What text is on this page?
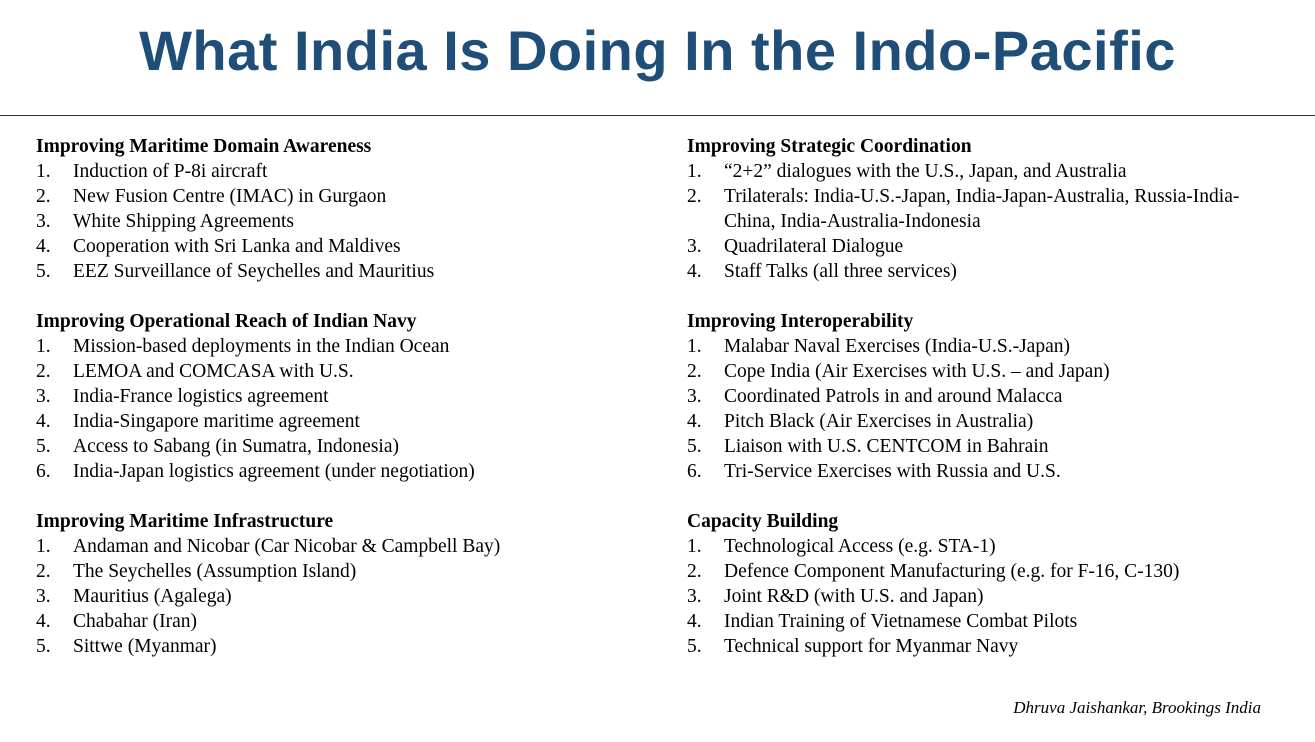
What India Is Doing In the Indo-Pacific
Improving Maritime Domain Awareness
1.	Induction of P-8i aircraft
2.	New Fusion Centre (IMAC) in Gurgaon
3.	White Shipping Agreements
4.	Cooperation with Sri Lanka and Maldives
5.	EEZ Surveillance of Seychelles and Mauritius
Improving Operational Reach of Indian Navy
1.	Mission-based deployments in the Indian Ocean
2.	LEMOA and COMCASA with U.S.
3.	India-France logistics agreement
4.	India-Singapore maritime agreement
5.	Access to Sabang (in Sumatra, Indonesia)
6.	India-Japan logistics agreement (under negotiation)
Improving Maritime Infrastructure
1.	Andaman and Nicobar (Car Nicobar & Campbell Bay)
2.	The Seychelles (Assumption Island)
3.	Mauritius (Agalega)
4.	Chabahar (Iran)
5.	Sittwe (Myanmar)
Improving Strategic Coordination
1.	“2+2” dialogues with the U.S., Japan, and Australia
2.	Trilaterals: India-U.S.-Japan, India-Japan-Australia, Russia-India-China, India-Australia-Indonesia
3.	Quadrilateral Dialogue
4.	Staff Talks (all three services)
Improving Interoperability
1.	Malabar Naval Exercises (India-U.S.-Japan)
2.	Cope India (Air Exercises with U.S. – and Japan)
3.	Coordinated Patrols in and around Malacca
4.	Pitch Black (Air Exercises in Australia)
5.	Liaison with U.S. CENTCOM in Bahrain
6.	Tri-Service Exercises with Russia and U.S.
Capacity Building
1.	Technological Access (e.g. STA-1)
2.	Defence Component Manufacturing (e.g. for F-16, C-130)
3.	Joint R&D (with U.S. and Japan)
4.	Indian Training of Vietnamese Combat Pilots
5.	Technical support for Myanmar Navy
Dhruva Jaishankar, Brookings India
